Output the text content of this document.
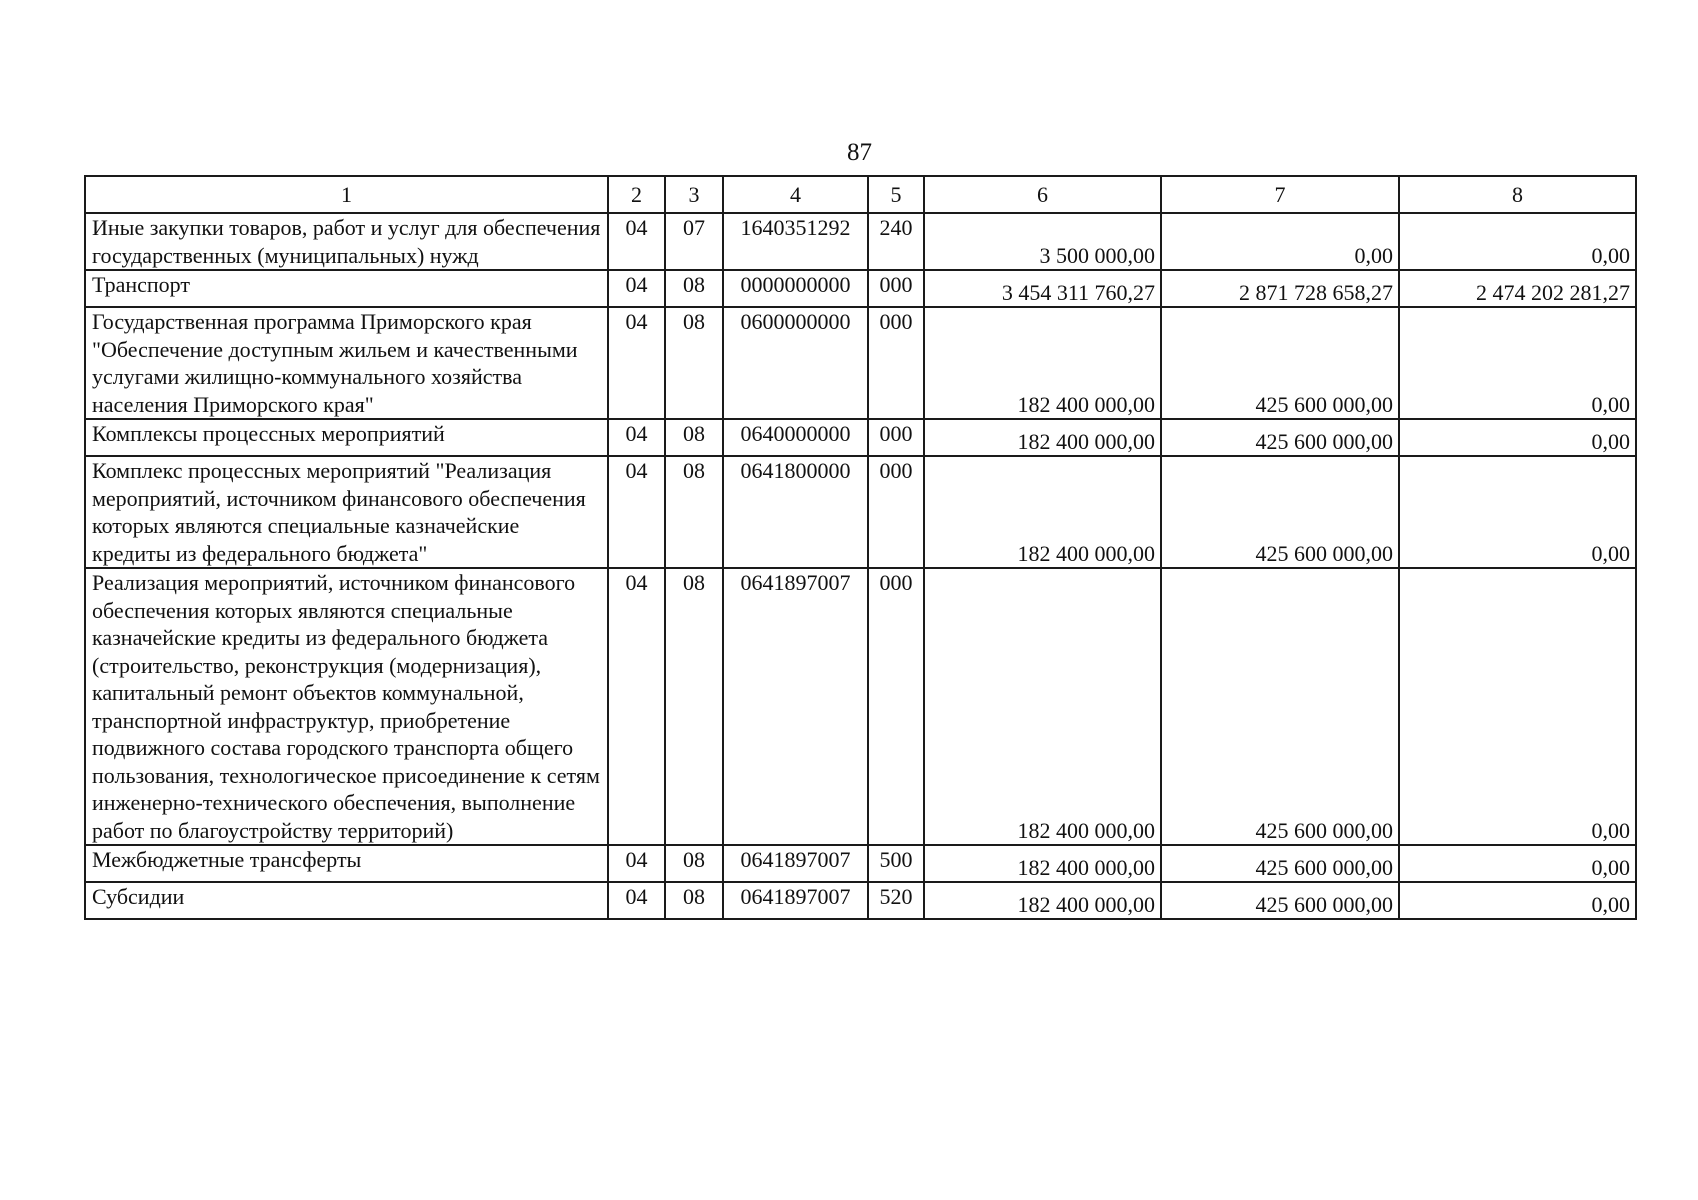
87
1	2	3	4	5	6	7	8
Иные закупки товаров, работ и услуг для обеспечения государственных (муниципальных) нужд	04	07	1640351292	240	3 500 000,00	0,00	0,00
Транспорт	04	08	0000000000	000	3 454 311 760,27	2 871 728 658,27	2 474 202 281,27
Государственная программа Приморского края "Обеспечение доступным жильем и качественными услугами жилищно-коммунального хозяйства населения Приморского края"	04	08	0600000000	000	182 400 000,00	425 600 000,00	0,00
Комплексы процессных мероприятий	04	08	0640000000	000	182 400 000,00	425 600 000,00	0,00
Комплекс процессных мероприятий "Реализация мероприятий, источником финансового обеспечения которых являются специальные казначейские кредиты из федерального бюджета"	04	08	0641800000	000	182 400 000,00	425 600 000,00	0,00
Реализация мероприятий, источником финансового обеспечения которых являются специальные казначейские кредиты из федерального бюджета (строительство, реконструкция (модернизация), капитальный ремонт объектов коммунальной, транспортной инфраструктур, приобретение подвижного состава городского транспорта общего пользования, технологическое присоединение к сетям инженерно-технического обеспечения, выполнение работ по благоустройству территорий)	04	08	0641897007	000	182 400 000,00	425 600 000,00	0,00
Межбюджетные трансферты	04	08	0641897007	500	182 400 000,00	425 600 000,00	0,00
Субсидии	04	08	0641897007	520	182 400 000,00	425 600 000,00	0,00
